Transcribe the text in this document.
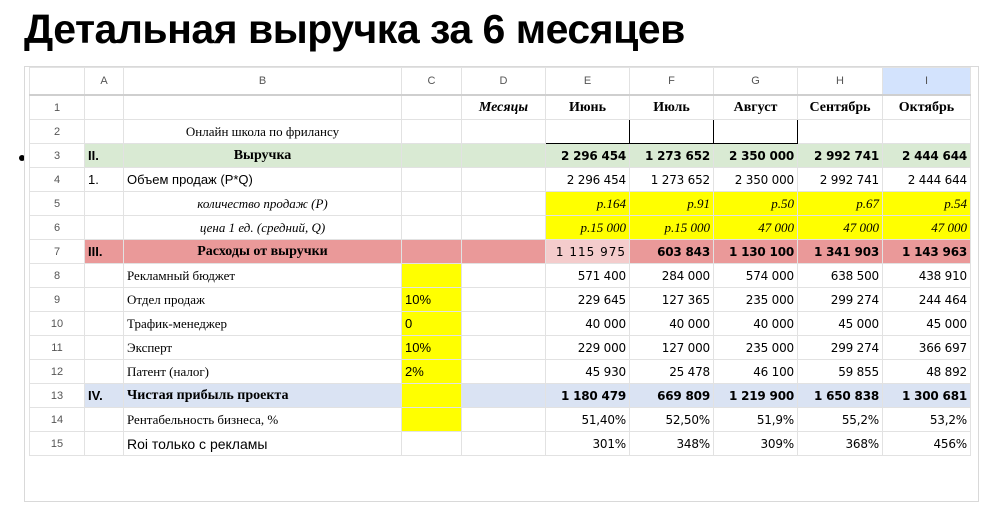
Детальная выручка за 6 месяцев
	A	B	C	D	E	F	G	H	I
1				Месяцы	Июнь	Июль	Август	Сентябрь	Октябрь
2		Онлайн школа по фрилансу							
3	II.	Выручка			2 296 454	1 273 652	2 350 000	2 992 741	2 444 644
4	1.	Объем продаж (P*Q)			2 296 454	1 273 652	2 350 000	2 992 741	2 444 644
5		количество продаж (P)			р.164	р.91	р.50	р.67	р.54
6		цена 1 ед. (средний, Q)			р.15 000	р.15 000	47 000	47 000	47 000
7	III.	Расходы от выручки			1 115 975	603 843	1 130 100	1 341 903	1 143 963
8		Рекламный бюджет			571 400	284 000	574 000	638 500	438 910
9		Отдел продаж	10%		229 645	127 365	235 000	299 274	244 464
10		Трафик-менеджер	0		40 000	40 000	40 000	45 000	45 000
11		Эксперт	10%		229 000	127 000	235 000	299 274	366 697
12		Патент (налог)	2%		45 930	25 478	46 100	59 855	48 892
13	IV.	Чистая прибыль проекта			1 180 479	669 809	1 219 900	1 650 838	1 300 681
14		Рентабельность бизнеса, %			51,40%	52,50%	51,9%	55,2%	53,2%
15		Roi только с рекламы			301%	348%	309%	368%	456%
